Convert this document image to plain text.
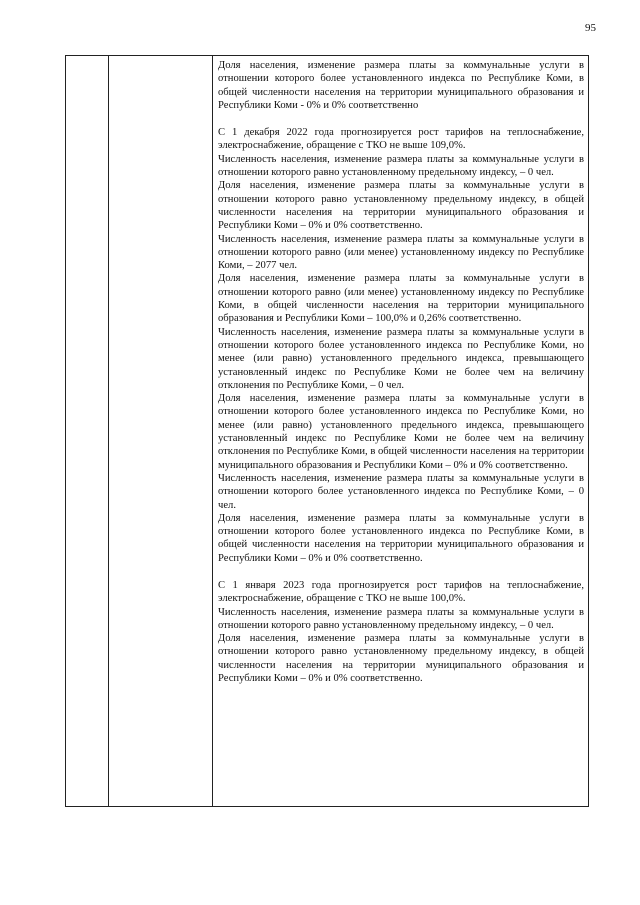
95

Доля населения, изменение размера платы за коммунальные услуги в отношении которого более установленного индекса по Республике Коми, в общей численности населения на территории муниципального образования и Республики Коми - 0% и 0% соответственно

С 1 декабря 2022 года прогнозируется рост тарифов на теплоснабжение, электроснабжение, обращение с ТКО не выше 109,0%.

Численность населения, изменение размера платы за коммунальные услуги в отношении которого равно установленному предельному индексу, – 0 чел.

Доля населения, изменение размера платы за коммунальные услуги в отношении которого равно установленному предельному индексу, в общей численности населения на территории муниципального образования и Республики Коми – 0% и 0% соответственно.

Численность населения, изменение размера платы за коммунальные услуги в отношении которого равно (или менее) установленному индексу по Республике Коми, – 2077 чел.

Доля населения, изменение размера платы за коммунальные услуги в отношении которого равно (или менее) установленному индексу по Республике Коми, в общей численности населения на территории муниципального образования и Республики Коми – 100,0% и 0,26% соответственно.

Численность населения, изменение размера платы за коммунальные услуги в отношении которого более установленного индекса по Республике Коми, но менее (или равно) установленного предельного индекса, превышающего установленный индекс по Республике Коми не более чем на величину отклонения по Республике Коми, – 0 чел.

Доля населения, изменение размера платы за коммунальные услуги в отношении которого более установленного индекса по Республике Коми, но менее (или равно) установленного предельного индекса, превышающего установленный индекс по Республике Коми не более чем на величину отклонения по Республике Коми, в общей численности населения на территории муниципального образования и Республики Коми – 0% и 0% соответственно.

Численность населения, изменение размера платы за коммунальные услуги в отношении которого более установленного индекса по Республике Коми, – 0 чел.

Доля населения, изменение размера платы за коммунальные услуги в отношении которого более установленного индекса по Республике Коми, в общей численности населения на территории муниципального образования и Республики Коми – 0% и 0% соответственно.

С 1 января 2023 года прогнозируется рост тарифов на теплоснабжение, электроснабжение, обращение с ТКО не выше 100,0%.

Численность населения, изменение размера платы за коммунальные услуги в отношении которого равно установленному предельному индексу, – 0 чел.

Доля населения, изменение размера платы за коммунальные услуги в отношении которого равно установленному предельному индексу, в общей численности населения на территории муниципального образования и Республики Коми – 0% и 0% соответственно.
